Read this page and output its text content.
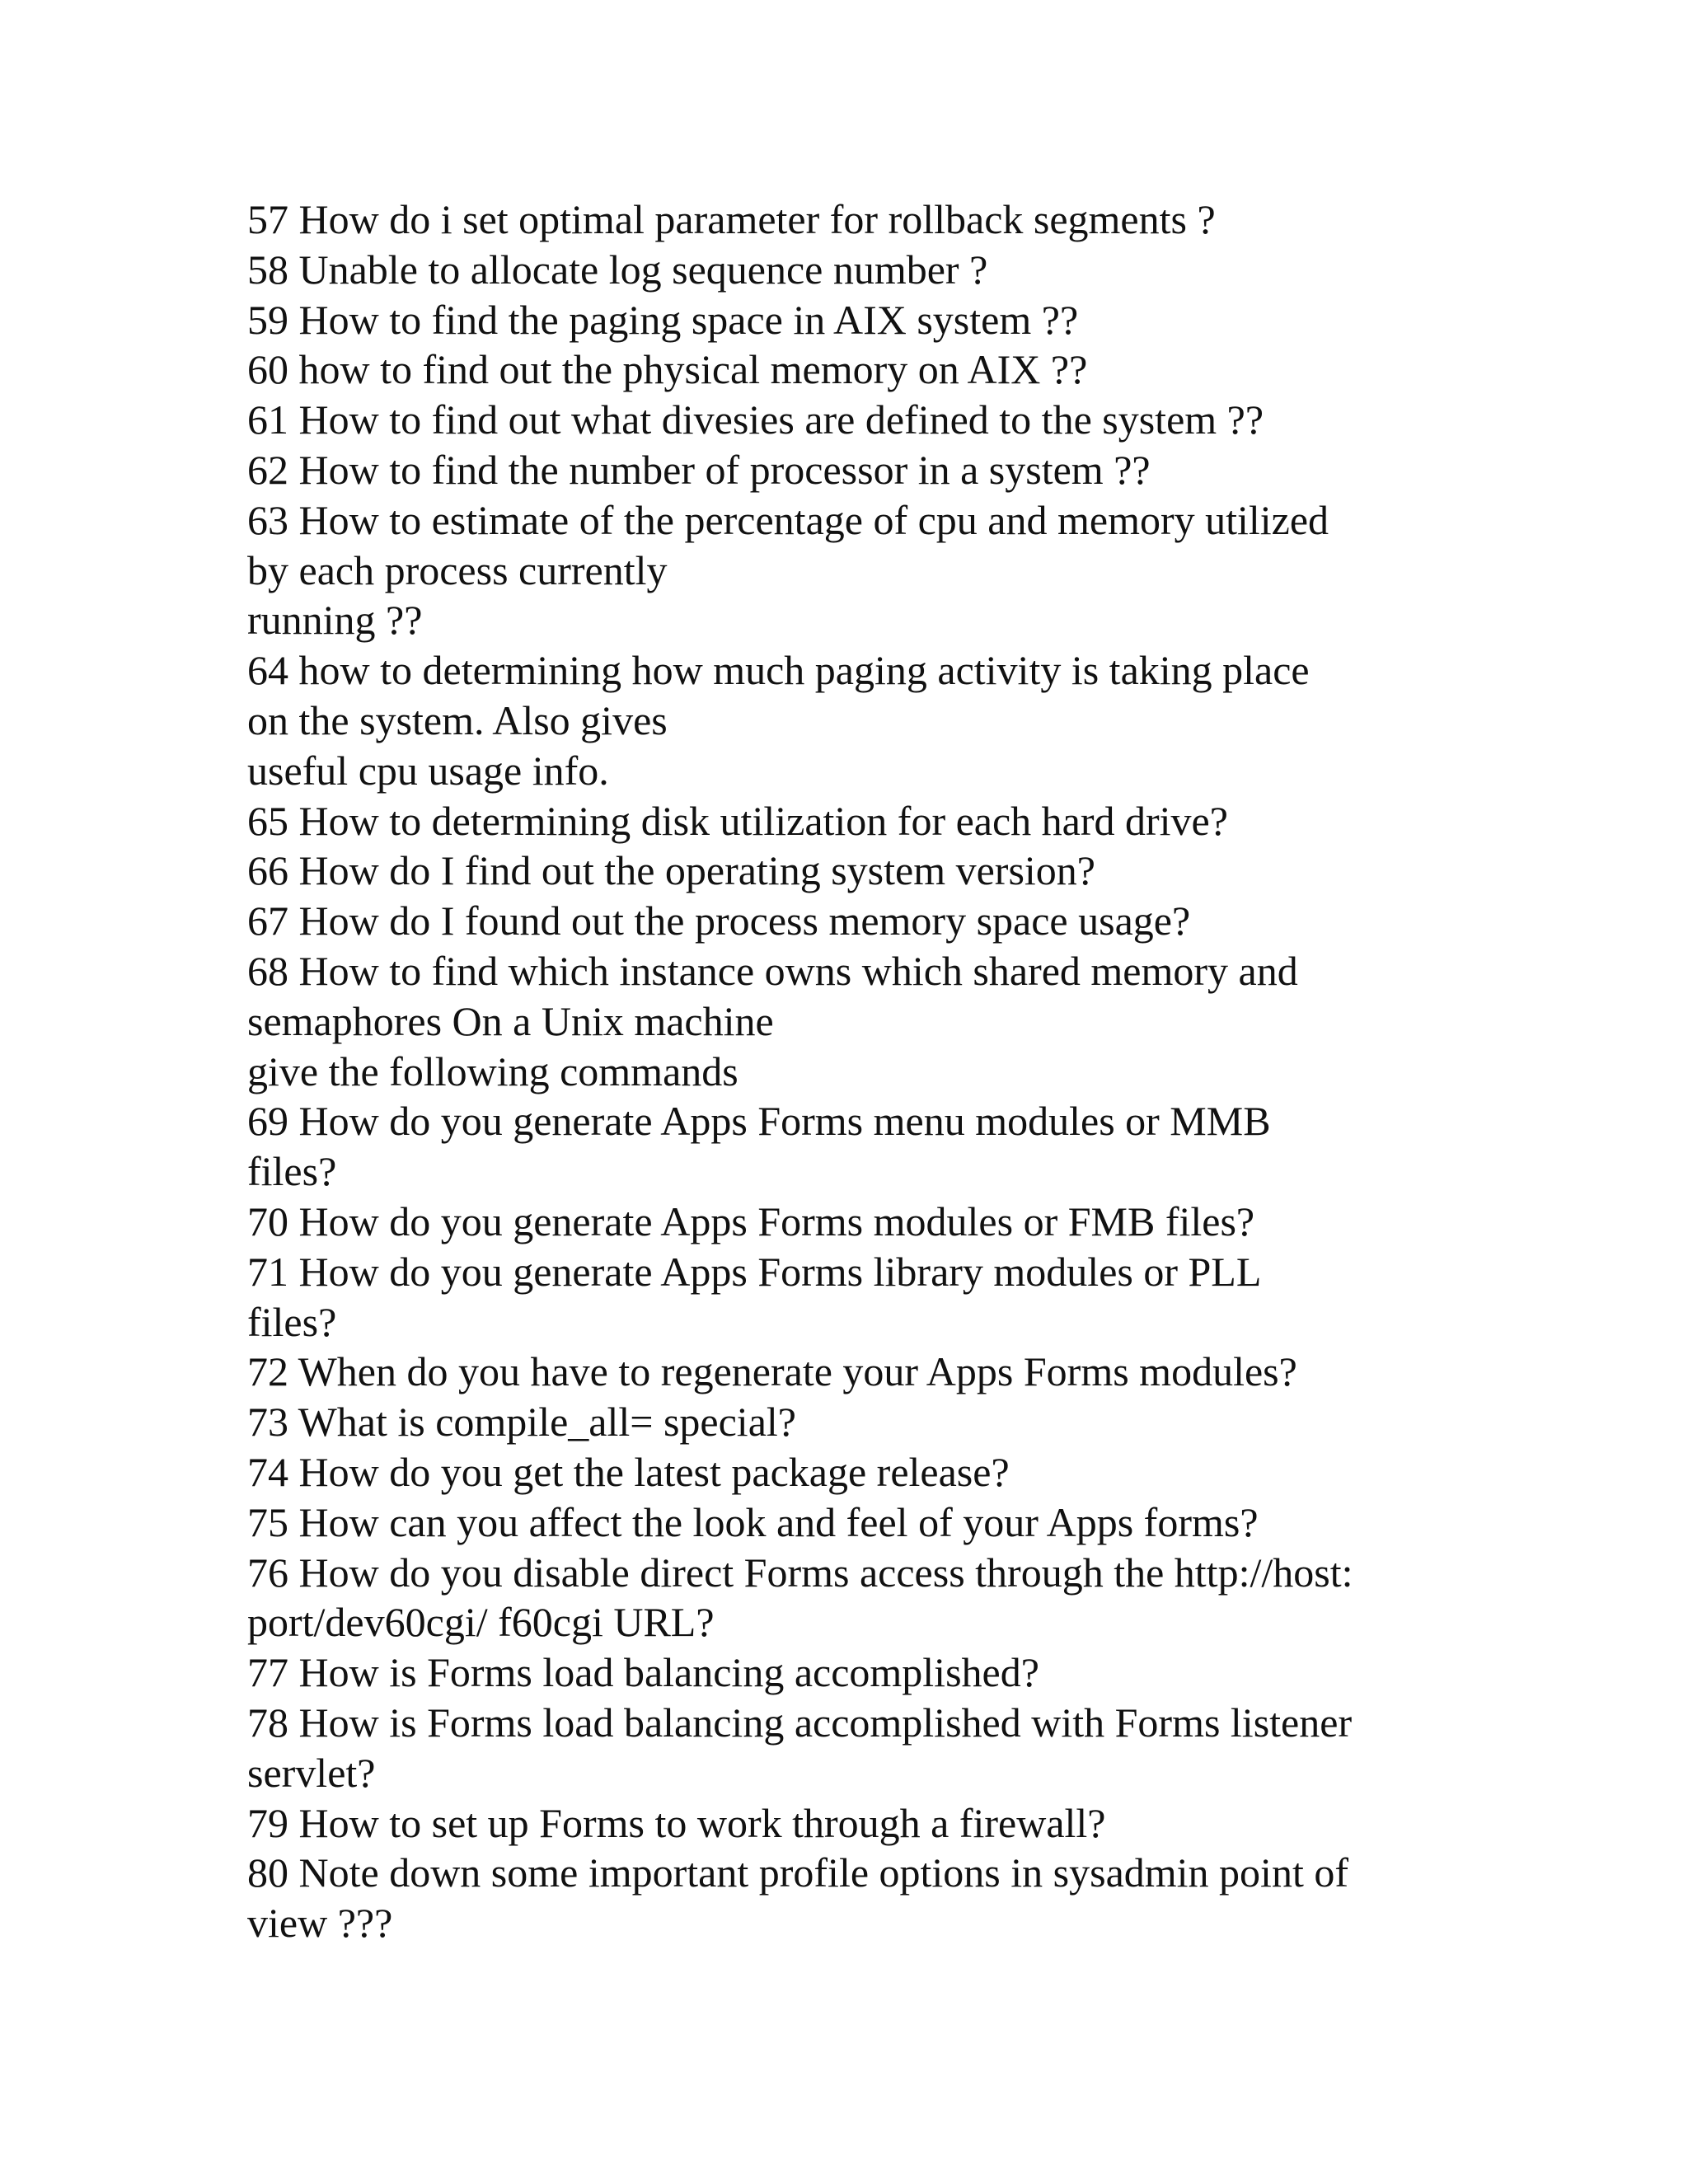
57 How do i set optimal parameter for rollback segments ?
58 Unable to allocate log sequence number ?
59 How to find the paging space in AIX system ??
60 how to find out the physical memory on AIX ??
61 How to find out what divesies are defined to the system ??
62 How to find the number of processor in a system ??
63 How to estimate of the percentage of cpu and memory utilized
by each process currently
running ??
64 how to determining how much paging activity is taking place
on the system. Also gives
useful cpu usage info.
65 How to determining disk utilization for each hard drive?
66 How do I find out the operating system version?
67 How do I found out the process memory space usage?
68 How to find which instance owns which shared memory and
semaphores On a Unix machine
give the following commands
69 How do you generate Apps Forms menu modules or MMB
files?
70 How do you generate Apps Forms modules or FMB files?
71 How do you generate Apps Forms library modules or PLL
files?
72 When do you have to regenerate your Apps Forms modules?
73 What is compile_all= special?
74 How do you get the latest package release?
75 How can you affect the look and feel of your Apps forms?
76 How do you disable direct Forms access through the http://host:
port/dev60cgi/ f60cgi URL?
77 How is Forms load balancing accomplished?
78 How is Forms load balancing accomplished with Forms listener
servlet?
79 How to set up Forms to work through a firewall?
80 Note down some important profile options in sysadmin point of
view ???
